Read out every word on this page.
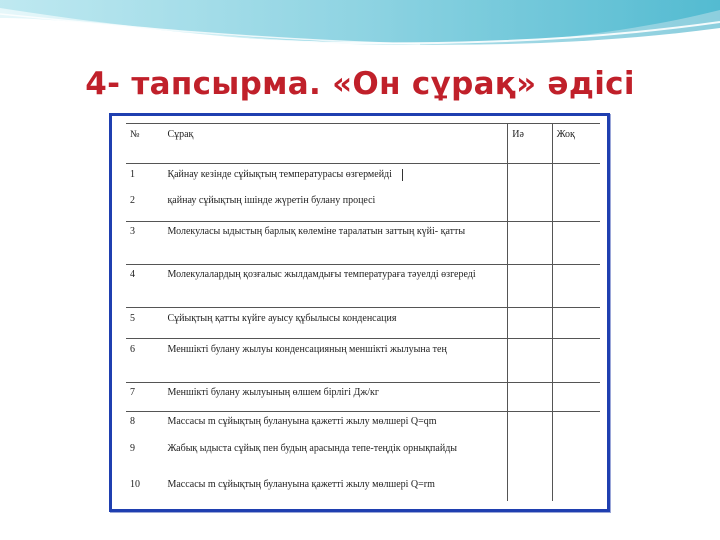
4- тапсырма. «Он сұрақ» әдісі
№	Сұрақ	Иә	Жоқ
1	Қайнау кезінде сұйықтың температурасы өзгермейді		
2	қайнау сұйықтың ішінде жүретін булану процесі		
3	Молекуласы ыдыстың барлық көлеміне таралатын заттың күйі- қатты		
4	Молекулалардың қозғалыс жылдамдығы температураға тәуелді өзгереді		
5	Сұйықтың қатты күйге ауысу құбылысы конденсация		
6	Меншікті булану жылуы конденсацияның меншікті жылуына тең		
7	Меншікті булану жылуының өлшем бірлігі Дж/кг		
8	Массасы m сұйықтың булануына қажетті жылу мөлшері Q=qm		
9	Жабық ыдыста сұйық пен будың арасында тепе-теңдік орнықпайды		
10	Массасы m сұйықтың булануына қажетті жылу мөлшері Q=rm		
